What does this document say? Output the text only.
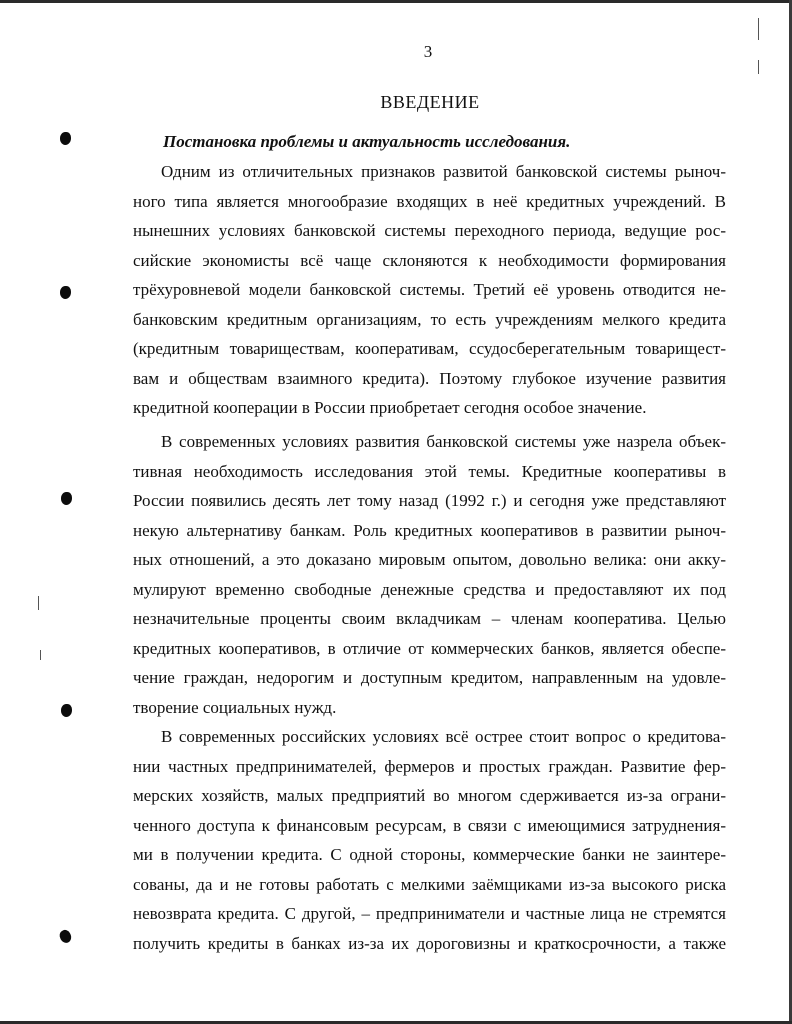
3
ВВЕДЕНИЕ
Постановка проблемы и актуальность исследования.
Одним из отличительных признаков развитой банковской системы рыноч-
ного типа является многообразие входящих в неё кредитных учреждений. В
нынешних условиях банковской системы переходного периода, ведущие рос-
сийские экономисты всё чаще склоняются к необходимости формирования
трёхуровневой модели банковской системы. Третий её уровень отводится не-
банковским кредитным организациям, то есть учреждениям мелкого кредита
(кредитным товариществам, кооперативам, ссудосберегательным товарищест-
вам и обществам взаимного кредита). Поэтому глубокое изучение развития
кредитной кооперации в России приобретает сегодня особое значение.
В современных условиях развития банковской системы уже назрела объек-
тивная необходимость исследования этой темы. Кредитные кооперативы в
России появились десять лет тому назад (1992 г.) и сегодня уже представляют
некую альтернативу банкам. Роль кредитных кооперативов в развитии рыноч-
ных отношений, а это доказано мировым опытом, довольно велика: они акку-
мулируют временно свободные денежные средства и предоставляют их под
незначительные проценты своим вкладчикам – членам кооператива. Целью
кредитных кооперативов, в отличие от коммерческих банков, является обеспе-
чение граждан, недорогим и доступным кредитом, направленным на удовле-
творение социальных нужд.
В современных российских условиях всё острее стоит вопрос о кредитова-
нии частных предпринимателей, фермеров и простых граждан. Развитие фер-
мерских хозяйств, малых предприятий во многом сдерживается из-за ограни-
ченного доступа к финансовым ресурсам, в связи с имеющимися затруднения-
ми в получении кредита. С одной стороны, коммерческие банки не заинтере-
сованы, да и не готовы работать с мелкими заёмщиками из-за высокого риска
невозврата кредита. С другой, – предприниматели и частные лица не стремятся
получить кредиты в банках из-за их дороговизны и краткосрочности, а также
